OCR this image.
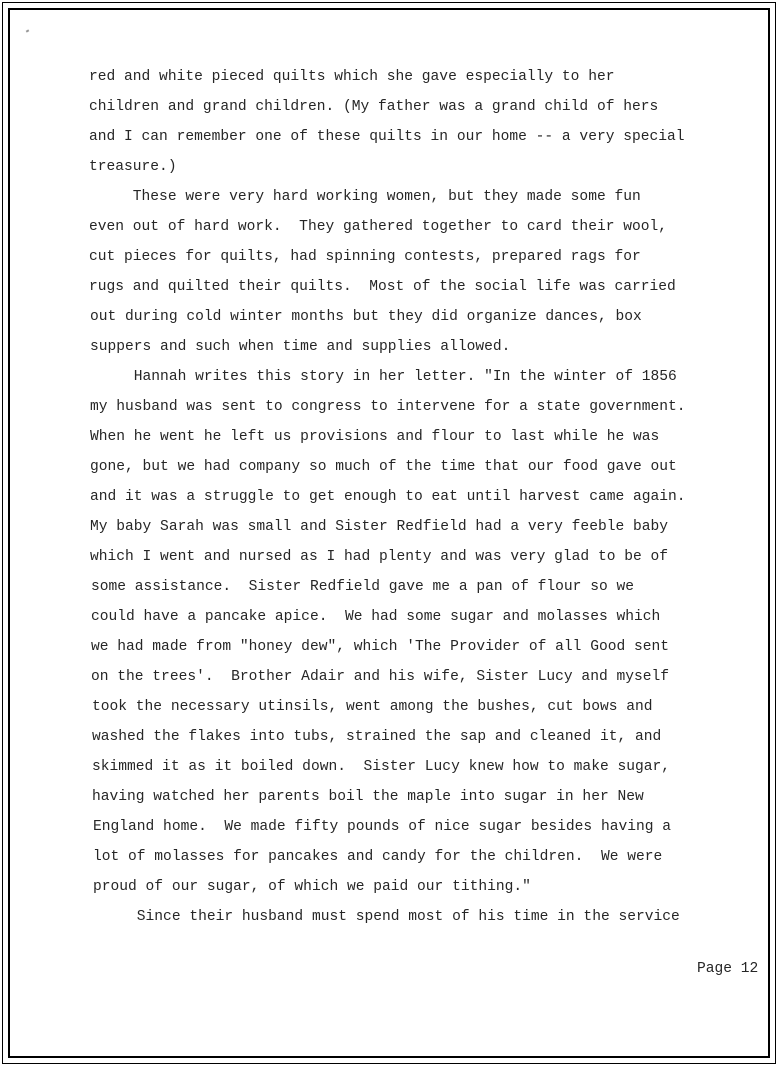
red and white pieced quilts which she gave especially to her

children and grand children. (My father was a grand child of hers

and I can remember one of these quilts in our home -- a very special

treasure.)

These were very hard working women, but they made some fun

even out of hard work.  They gathered together to card their wool,

cut pieces for quilts, had spinning contests, prepared rags for

rugs and quilted their quilts.  Most of the social life was carried

out during cold winter months but they did organize dances, box

suppers and such when time and supplies allowed.

Hannah writes this story in her letter. "In the winter of 1856

my husband was sent to congress to intervene for a state government.

When he went he left us provisions and flour to last while he was

gone, but we had company so much of the time that our food gave out

and it was a struggle to get enough to eat until harvest came again.

My baby Sarah was small and Sister Redfield had a very feeble baby

which I went and nursed as I had plenty and was very glad to be of

some assistance.  Sister Redfield gave me a pan of flour so we

could have a pancake apice.  We had some sugar and molasses which

we had made from "honey dew", which 'The Provider of all Good sent

on the trees'.  Brother Adair and his wife, Sister Lucy and myself

took the necessary utinsils, went among the bushes, cut bows and

washed the flakes into tubs, strained the sap and cleaned it, and

skimmed it as it boiled down.  Sister Lucy knew how to make sugar,

having watched her parents boil the maple into sugar in her New

England home.  We made fifty pounds of nice sugar besides having a

lot of molasses for pancakes and candy for the children.  We were

proud of our sugar, of which we paid our tithing."

Since their husband must spend most of his time in the service

Page 12
